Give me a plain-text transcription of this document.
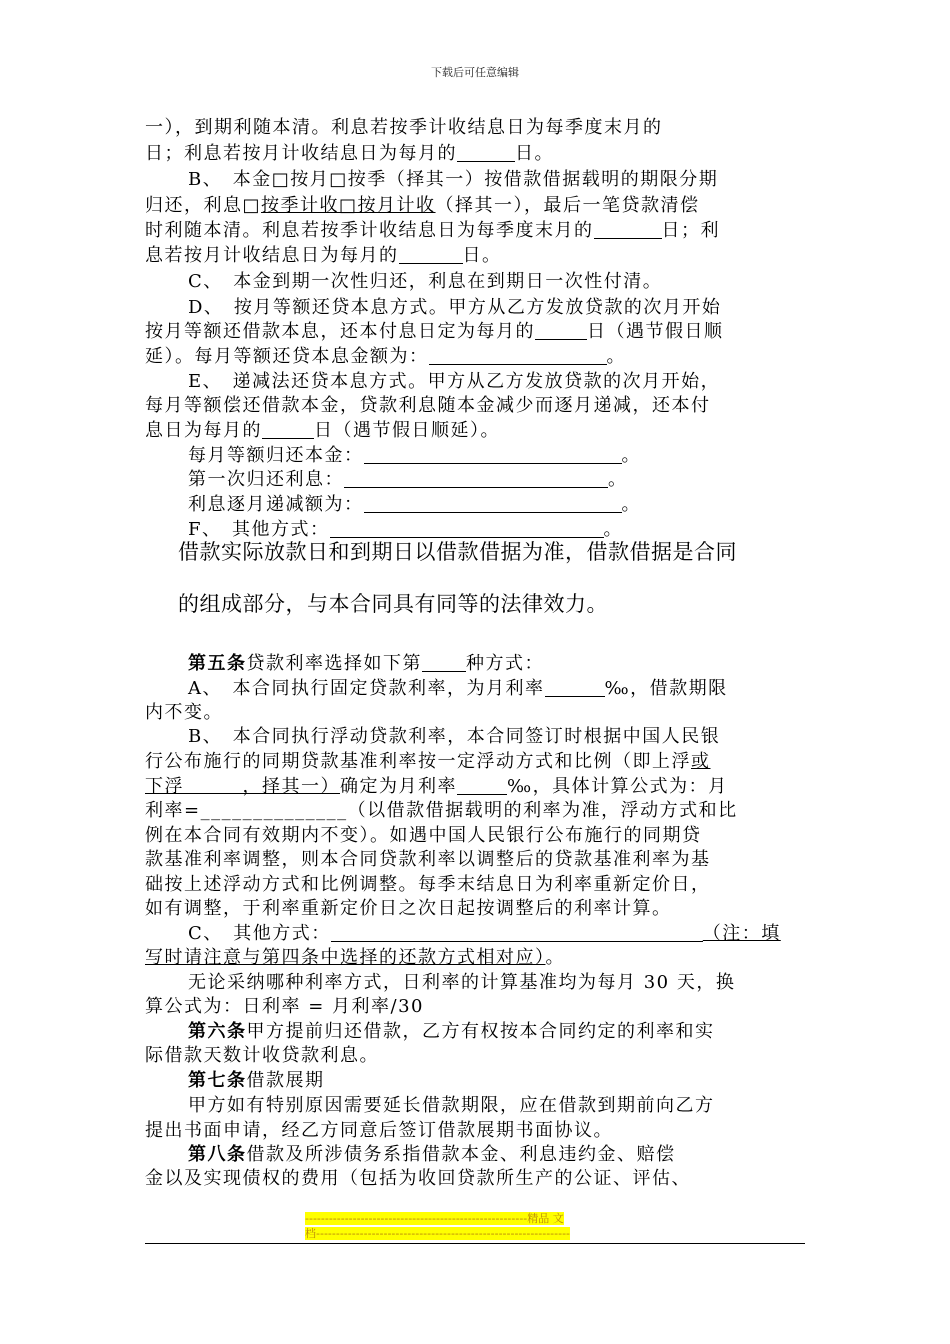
下载后可任意编辑
一），到期利随本清。利息若按季计收结息日为每季度末月的
日；利息若按月计收结息日为每月的	日。
B、　本金□按月□按季（择其一）按借款借据载明的期限分期
归还，利息□按季计收□按月计收（择其一），最后一笔贷款清偿
时利随本清。利息若按季计收结息日为每季度末月的	日；利
息若按月计收结息日为每月的	日。
C、　本金到期一次性归还，利息在到期日一次性付清。
D、　按月等额还贷本息方式。甲方从乙方发放贷款的次月开始
按月等额还借款本息，还本付息日定为每月的	日（遇节假日顺
延）。每月等额还贷本息金额为：	。
E、　递减法还贷本息方式。甲方从乙方发放贷款的次月开始，
每月等额偿还借款本金，贷款利息随本金减少而逐月递减，还本付
息日为每月的	日（遇节假日顺延）。
每月等额归还本金：	。
第一次归还利息：	。
利息逐月递减额为：	。
F、　其他方式：	。
借款实际放款日和到期日以借款借据为准，借款借据是合同
的组成部分，与本合同具有同等的法律效力。
第五条贷款利率选择如下第 种方式：
A、　本合同执行固定贷款利率，为月利率	‰，借款期限
内不变。
B、　本合同执行浮动贷款利率，本合同签订时根据中国人民银
行公布施行的同期贷款基准利率按一定浮动方式和比例（即上浮或
下浮　　　，择其一）确定为月利率	‰，具体计算公式为：月
利率=______________（以借款借据载明的利率为准，浮动方式和比
例在本合同有效期内不变）。如遇中国人民银行公布施行的同期贷
款基准利率调整，则本合同贷款利率以调整后的贷款基准利率为基
础按上述浮动方式和比例调整。每季末结息日为利率重新定价日，
如有调整，于利率重新定价日之次日起按调整后的利率计算。
C、　其他方式：	（注：填
写时请注意与第四条中选择的还款方式相对应）。
无论采纳哪种利率方式，日利率的计算基准均为每月 30 天，换
算公式为：日利率 = 月利率/30
第六条甲方提前归还借款，乙方有权按本合同约定的利率和实
际借款天数计收贷款利息。
第七条借款展期
甲方如有特别原因需要延长借款期限，应在借款到期前向乙方
提出书面申请，经乙方同意后签订借款展期书面协议。
第八条借款及所涉债务系指借款本金、利息违约金、赔偿
金以及实现债权的费用（包括为收回贷款所生产的公证、评估、
--------------------------------------------------------精品 文
档----------------------------------------------------------------
